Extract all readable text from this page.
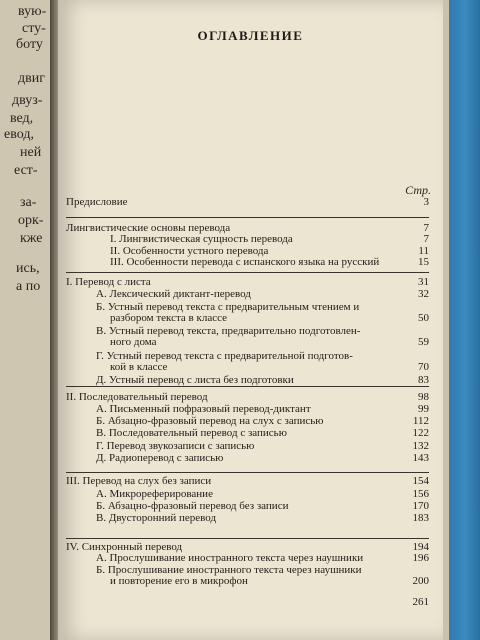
вую-
сту-
боту
двиг
вед,
двуз-
евод,
ней
ест-
за-
орк-
кже
ись,
а по
ОГЛАВЛЕНИЕ
Стр.
Предисловие	3
Лингвистические основы перевода	7
I. Лингвистическая сущность перевода	7
II. Особенности устного перевода	11
III. Особенности перевода с испанского языка на русский	15
I. Перевод с листа	31
А. Лексический диктант-перевод	32
Б. Устный перевод текста с предварительным чтением и
разбором текста в классе	50
В. Устный перевод текста, предварительно подготовлен-
ного дома	59
Г. Устный перевод текста с предварительной подготов-
кой в классе	70
Д. Устный перевод с листа без подготовки	83
II. Последовательный перевод	98
А. Письменный пофразовый перевод-диктант	99
Б. Абзацно-фразовый перевод на слух с записью	112
В. Последовательный перевод с записью	122
Г. Перевод звукозаписи с записью	132
Д. Радиоперевод с записью	143
III. Перевод на слух без записи	154
А. Микрореферирование	156
Б. Абзацно-фразовый перевод без записи	170
В. Двусторонний перевод	183
IV. Синхронный перевод	194
А. Прослушивание иностранного текста через наушники	196
Б. Прослушивание иностранного текста через наушники
и повторение его в микрофон	200
261
